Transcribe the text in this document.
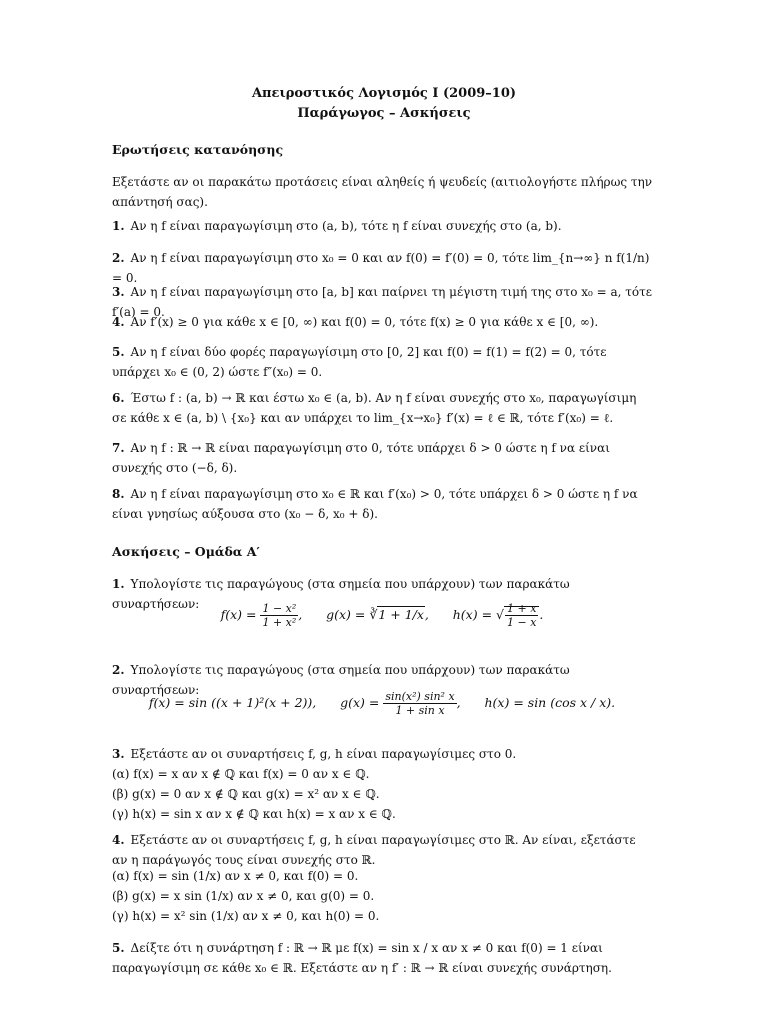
Απειροστικός Λογισμός Ι (2009–10)
Παράγωγος – Ασκήσεις
Ερωτήσεις κατανόησης
Εξετάστε αν οι παρακάτω προτάσεις είναι αληθείς ή ψευδείς (αιτιολογήστε πλήρως την απάντησή σας).
1. Αν η f είναι παραγωγίσιμη στο (a, b), τότε η f είναι συνεχής στο (a, b).
2. Αν η f είναι παραγωγίσιμη στο x₀ = 0 και αν f(0) = f′(0) = 0, τότε lim_{n→∞} n f(1/n) = 0.
3. Αν η f είναι παραγωγίσιμη στο [a, b] και παίρνει τη μέγιστη τιμή της στο x₀ = a, τότε f′(a) = 0.
4. Αν f′(x) ≥ 0 για κάθε x ∈ [0, ∞) και f(0) = 0, τότε f(x) ≥ 0 για κάθε x ∈ [0, ∞).
5. Αν η f είναι δύο φορές παραγωγίσιμη στο [0, 2] και f(0) = f(1) = f(2) = 0, τότε υπάρχει x₀ ∈ (0, 2) ώστε f″(x₀) = 0.
6. Έστω f : (a, b) → ℝ και έστω x₀ ∈ (a, b). Αν η f είναι συνεχής στο x₀, παραγωγίσιμη σε κάθε x ∈ (a, b) \ {x₀} και αν υπάρχει το lim_{x→x₀} f′(x) = ℓ ∈ ℝ, τότε f′(x₀) = ℓ.
7. Αν η f : ℝ → ℝ είναι παραγωγίσιμη στο 0, τότε υπάρχει δ > 0 ώστε η f να είναι συνεχής στο (−δ, δ).
8. Αν η f είναι παραγωγίσιμη στο x₀ ∈ ℝ και f′(x₀) > 0, τότε υπάρχει δ > 0 ώστε η f να είναι γνησίως αύξουσα στο (x₀ − δ, x₀ + δ).
Ασκήσεις – Ομάδα Α′
1. Υπολογίστε τις παραγώγους (στα σημεία που υπάρχουν) των παρακάτω συναρτήσεων:
$f(x) = \frac{\text{1 − x²}}{\text{1 + x²}}$ ,      g(x) = ∛1 + 1/x,      h(x) = √ $\frac{1 + x}{1 - x}$ .
2. Υπολογίστε τις παραγώγους (στα σημεία που υπάρχουν) των παρακάτω συναρτήσεων:
f(x) = sin ((x + 1)²(x + 2)), $g(x) = \frac{\text{sin(x²) sin² x}}{\text{1 + sin x}}$ ,      h(x) = sin (cos x / x).
3. Εξετάστε αν οι συναρτήσεις f, g, h είναι παραγωγίσιμες στο 0.
(α) f(x) = x αν x ∉ ℚ και f(x) = 0 αν x ∈ ℚ.
(β) g(x) = 0 αν x ∉ ℚ και g(x) = x² αν x ∈ ℚ.
(γ) h(x) = sin x αν x ∉ ℚ και h(x) = x αν x ∈ ℚ.
4. Εξετάστε αν οι συναρτήσεις f, g, h είναι παραγωγίσιμες στο ℝ. Αν είναι, εξετάστε αν η παράγωγός τους είναι συνεχής στο ℝ.
(α) f(x) = sin (1/x) αν x ≠ 0, και f(0) = 0.
(β) g(x) = x sin (1/x) αν x ≠ 0, και g(0) = 0.
(γ) h(x) = x² sin (1/x) αν x ≠ 0, και h(0) = 0.
5. Δείξτε ότι η συνάρτηση f : ℝ → ℝ με f(x) = sin x / x αν x ≠ 0 και f(0) = 1 είναι παραγωγίσιμη σε κάθε x₀ ∈ ℝ. Εξετάστε αν η f′ : ℝ → ℝ είναι συνεχής συνάρτηση.
